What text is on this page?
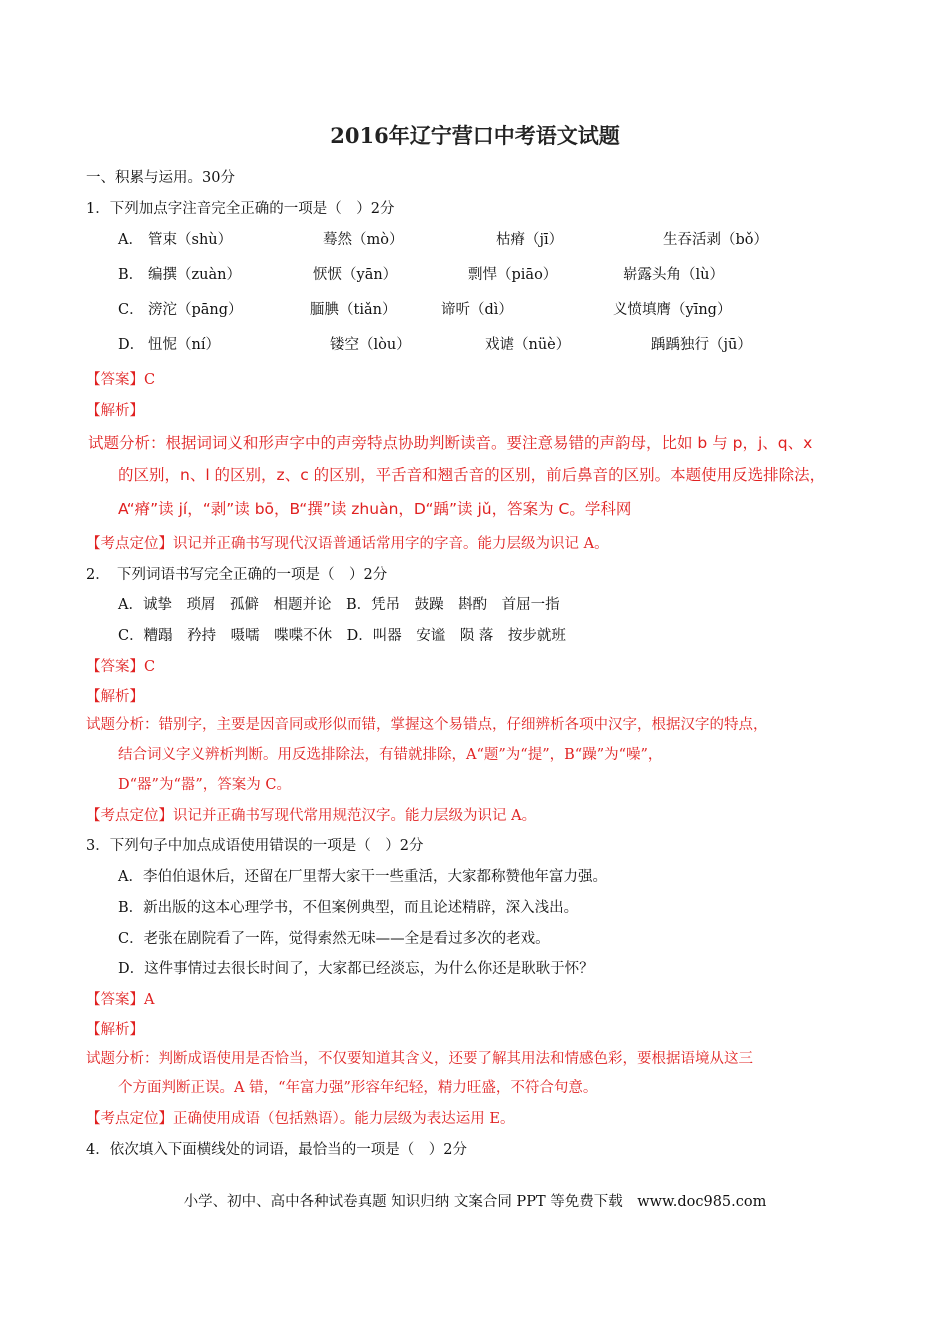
2016年辽宁营口中考语文试题
一、积累与运用。30分
1．下列加点字注音完全正确的一项是（　）2分
A． 管束（shù）	蓦然（mò）	枯瘠（jī）	生吞活剥（bǒ）
B． 编撰（zuàn）	恹恹（yān）	剽悍（piāo）	崭露头角（lù）
C． 滂沱（pāng）	腼腆（tiǎn）	谛听（dì）	义愤填膺（yīng）
D． 忸怩（ní）	镂空（lòu）	戏谑（nüè）	踽踽独行（jū）
【答案】C
【解析】
试题分析：根据词词义和形声字中的声旁特点协助判断读音。要注意易错的声韵母，比如 b 与 p，j、q、x
的区别，n、l 的区别，z、c 的区别，平舌音和翘舌音的区别，前后鼻音的区别。本题使用反选排除法，
A“瘠”读 jí，“剥”读 bō，B“撰”读 zhuàn，D“踽”读 jǔ，答案为 C。学科网
【考点定位】识记并正确书写现代汉语普通话常用字的字音。能力层级为识记 A。
2．　下列词语书写完全正确的一项是（　）2分
A．诚挚　琐屑　孤僻　相题并论　B．凭吊　鼓躁　斟酌　首屈一指
C．糟蹋　矜持　嗫嚅　喋喋不休　D．叫器　安谧　陨 落　按步就班
【答案】C
【解析】
试题分析：错别字，主要是因音同或形似而错，掌握这个易错点，仔细辨析各项中汉字，根据汉字的特点，
结合词义字义辨析判断。用反选排除法，有错就排除，A“题”为“提”，B“躁”为“噪”，
D“器”为“嚣”，答案为 C。
【考点定位】识记并正确书写现代常用规范汉字。能力层级为识记 A。
3．下列句子中加点成语使用错误的一项是（　）2分
A．李伯伯退休后，还留在厂里帮大家干一些重活，大家都称赞他年富力强。
B．新出版的这本心理学书，不但案例典型，而且论述精辟，深入浅出。
C．老张在剧院看了一阵，觉得索然无味——全是看过多次的老戏。
D．这件事情过去很长时间了，大家都已经淡忘，为什么你还是耿耿于怀？
【答案】A
【解析】
试题分析：判断成语使用是否恰当，不仅要知道其含义，还要了解其用法和情感色彩，要根据语境从这三
个方面判断正误。A 错，“年富力强”形容年纪轻，精力旺盛，不符合句意。
【考点定位】正确使用成语（包括熟语）。能力层级为表达运用 E。
4．依次填入下面横线处的词语，最恰当的一项是（　）2分
小学、初中、高中各种试卷真题 知识归纳 文案合同 PPT 等免费下载　www.doc985.com
